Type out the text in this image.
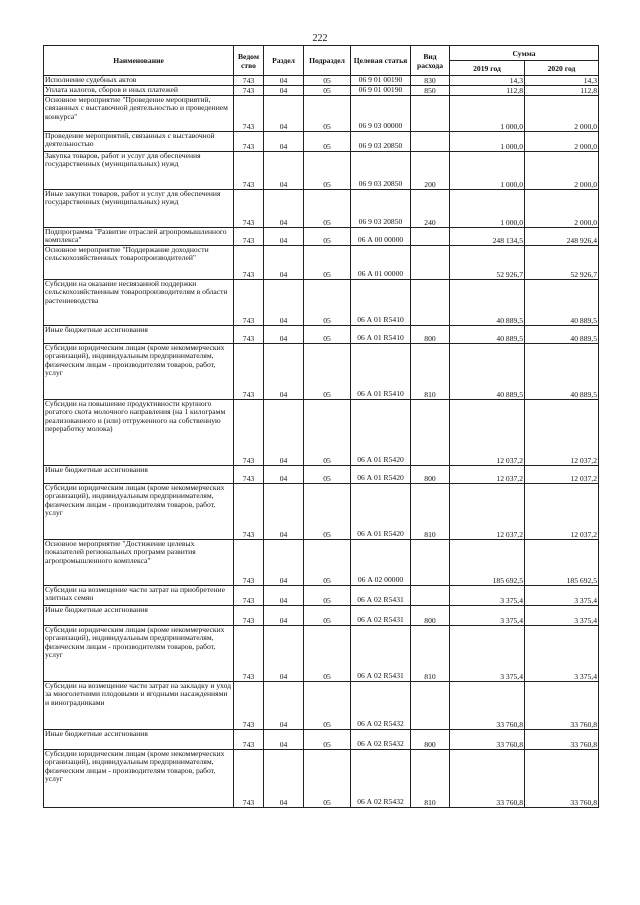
222
Наименование	Ведом ство	Раздел	Подраздел	Целевая статья	Вид расхода	Сумма	
						2019 год	2020 год
Исполнение судебных актов	743	04	05	06 9 01 00190	830	14,3	14,3
Уплата налогов, сборов и иных платежей	743	04	05	06 9 01 00190	850	112,8	112,8
Основное мероприятие "Проведение мероприятий, связанных с выставочной деятельностью и проведением конкурса"	743	04	05	06 9 03 00000		1 000,0	2 000,0
Проведение мероприятий, связанных с выставочной деятельностью	743	04	05	06 9 03 20850		1 000,0	2 000,0
Закупка товаров, работ и услуг для обеспечения государственных (муниципальных) нужд	743	04	05	06 9 03 20850	200	1 000,0	2 000,0
Иные закупки товаров, работ и услуг для обеспечения государственных (муниципальных) нужд	743	04	05	06 9 03 20850	240	1 000,0	2 000,0
Подпрограмма "Развитие отраслей агропромышленного комплекса"	743	04	05	06 А 00 00000		248 134,5	248 926,4
Основное мероприятие "Поддержание доходности сельскохозяйственных товаропроизводителей"	743	04	05	06 А 01 00000		52 926,7	52 926,7
Субсидии на оказание несвязанной поддержки сельскохозяйственным товаропроизводителям в области растениеводства	743	04	05	06 А 01 R5410		40 889,5	40 889,5
Иные бюджетные ассигнования	743	04	05	06 А 01 R5410	800	40 889,5	40 889,5
Субсидии юридическим лицам (кроме некоммерческих организаций), индивидуальным предпринимателям, физическим лицам - производителям товаров, работ, услуг	743	04	05	06 А 01 R5410	810	40 889,5	40 889,5
Субсидии на повышение продуктивности крупного рогатого скота молочного направления (на 1 килограмм реализованного и (или) отгруженного на собственную переработку молока)	743	04	05	06 А 01 R5420		12 037,2	12 037,2
Иные бюджетные ассигнования	743	04	05	06 А 01 R5420	800	12 037,2	12 037,2
Субсидии юридическим лицам (кроме некоммерческих организаций), индивидуальным предпринимателям, физическим лицам - производителям товаров, работ, услуг	743	04	05	06 А 01 R5420	810	12 037,2	12 037,2
Основное мероприятие "Достижение целевых показателей региональных программ развития агропромышленного комплекса"	743	04	05	06 А 02 00000		185 692,5	185 692,5
Субсидии на возмещение части затрат на приобретение элитных семян	743	04	05	06 А 02 R5431		3 375,4	3 375,4
Иные бюджетные ассигнования	743	04	05	06 А 02 R5431	800	3 375,4	3 375,4
Субсидии юридическим лицам (кроме некоммерческих организаций), индивидуальным предпринимателям, физическим лицам - производителям товаров, работ, услуг	743	04	05	06 А 02 R5431	810	3 375,4	3 375,4
Субсидии на возмещение части затрат на закладку и уход за многолетними плодовыми и ягодными насаждениями и виноградниками	743	04	05	06 А 02 R5432		33 760,8	33 760,8
Иные бюджетные ассигнования	743	04	05	06 А 02 R5432	800	33 760,8	33 760,8
Субсидии юридическим лицам (кроме некоммерческих организаций), индивидуальным предпринимателям, физическим лицам - производителям товаров, работ, услуг	743	04	05	06 А 02 R5432	810	33 760,8	33 760,8
